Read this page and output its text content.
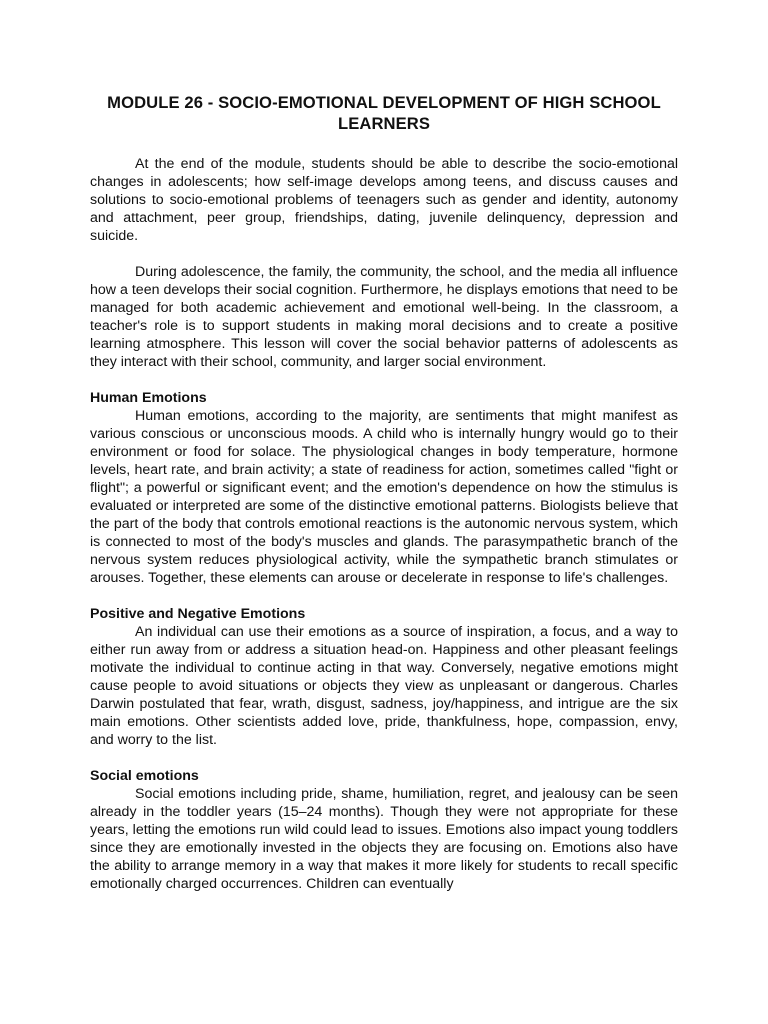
MODULE 26 - SOCIO-EMOTIONAL DEVELOPMENT OF HIGH SCHOOL LEARNERS

At the end of the module, students should be able to describe the socio-emotional changes in adolescents; how self-image develops among teens, and discuss causes and solutions to socio-emotional problems of teenagers such as gender and identity, autonomy and attachment, peer group, friendships, dating, juvenile delinquency, depression and suicide.

During adolescence, the family, the community, the school, and the media all influence how a teen develops their social cognition. Furthermore, he displays emotions that need to be managed for both academic achievement and emotional well-being. In the classroom, a teacher's role is to support students in making moral decisions and to create a positive learning atmosphere. This lesson will cover the social behavior patterns of adolescents as they interact with their school, community, and larger social environment.

Human Emotions

Human emotions, according to the majority, are sentiments that might manifest as various conscious or unconscious moods. A child who is internally hungry would go to their environment or food for solace. The physiological changes in body temperature, hormone levels, heart rate, and brain activity; a state of readiness for action, sometimes called "fight or flight"; a powerful or significant event; and the emotion's dependence on how the stimulus is evaluated or interpreted are some of the distinctive emotional patterns. Biologists believe that the part of the body that controls emotional reactions is the autonomic nervous system, which is connected to most of the body's muscles and glands. The parasympathetic branch of the nervous system reduces physiological activity, while the sympathetic branch stimulates or arouses. Together, these elements can arouse or decelerate in response to life's challenges.

Positive and Negative Emotions

An individual can use their emotions as a source of inspiration, a focus, and a way to either run away from or address a situation head-on. Happiness and other pleasant feelings motivate the individual to continue acting in that way. Conversely, negative emotions might cause people to avoid situations or objects they view as unpleasant or dangerous. Charles Darwin postulated that fear, wrath, disgust, sadness, joy/happiness, and intrigue are the six main emotions. Other scientists added love, pride, thankfulness, hope, compassion, envy, and worry to the list.

Social emotions

Social emotions including pride, shame, humiliation, regret, and jealousy can be seen already in the toddler years (15–24 months). Though they were not appropriate for these years, letting the emotions run wild could lead to issues. Emotions also impact young toddlers since they are emotionally invested in the objects they are focusing on. Emotions also have the ability to arrange memory in a way that makes it more likely for students to recall specific emotionally charged occurrences. Children can eventually
